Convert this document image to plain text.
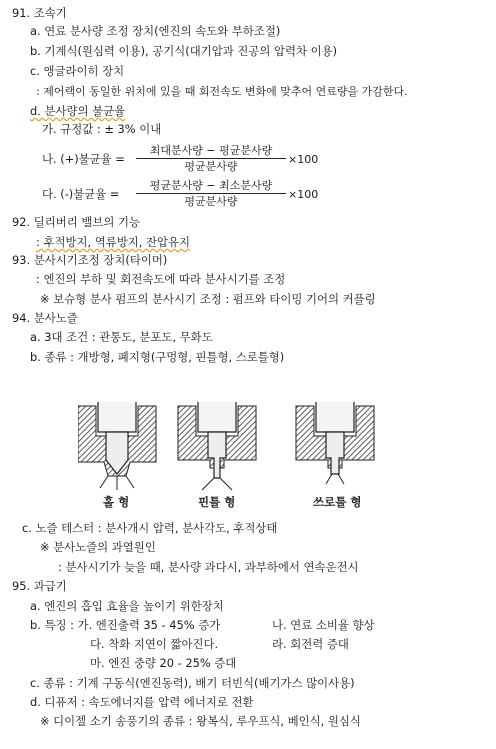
91. 조속기
a. 연료 분사량 조정 장치(엔진의 속도와 부하조절)
b. 기계식(원심력 이용), 공기식(대기압과 진공의 압력차 이용)
c. 앵글라이히 장치
: 제어랙이 동일한 위치에 있을 때 회전속도 변화에 맞추어 연료량을 가감한다.
d. 분사량의 불균율
가. 규정값 : ± 3% 이내
나. (+)불균율 =
최대분사량 − 평균분사량
평균분사량
×100
다. (-)불균율 =
평균분사량 − 최소분사량
평균분사량
×100
92. 딜리버리 밸브의 기능
: 후적방지, 역류방지, 잔압유지
93. 분사시기조정 장치(타이머)
: 엔진의 부하 및 회전속도에 따라 분사시기를 조정
※ 보슈형 분사 펌프의 분사시기 조정 : 펌프와 타이밍 기어의 커플링
94. 분사노즐
a. 3대 조건 : 관통도, 분포도, 무화도
b. 종류 : 개방형, 폐지형(구멍형, 핀틀형, 스로틀형)
홀 형	핀틀 형	쓰로틀 형
c. 노즐 테스터 : 분사개시 압력, 분사각도, 후적상태
※ 분사노즐의 과열원인
: 분사시기가 늦을 때, 분사량 과다시, 과부하에서 연속운전시
95. 과급기
a. 엔진의 흡입 효율을 높이기 위한장치
b. 특징 : 가. 엔진출력 35 - 45% 증가	나. 연료 소비율 향상
다. 착화 지연이 짧아진다.	라. 회전력 증대
마. 엔진 중량 20 - 25% 증대
c. 종류 : 기계 구동식(엔진동력), 배기 터빈식(배기가스 많이사용)
d. 디퓨저 : 속도에너지를 압력 에너지로 전환
※ 디이젤 소기 송풍기의 종류 : 왕복식, 루우프식, 베인식, 원심식
